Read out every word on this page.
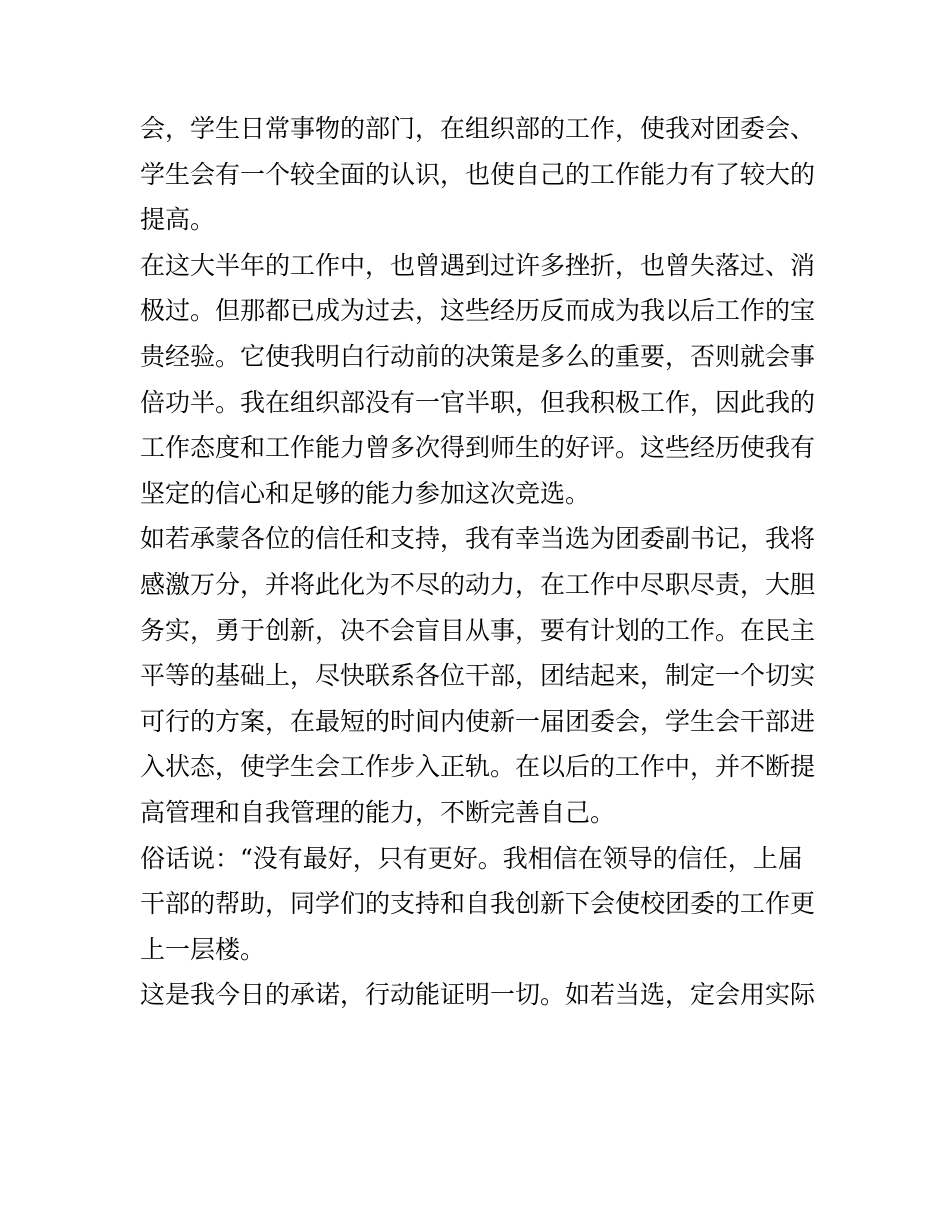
会，学生日常事物的部门，在组织部的工作，使我对团委会、
学生会有一个较全面的认识，也使自己的工作能力有了较大的
提高。
在这大半年的工作中，也曾遇到过许多挫折，也曾失落过、消
极过。但那都已成为过去，这些经历反而成为我以后工作的宝
贵经验。它使我明白行动前的决策是多么的重要，否则就会事
倍功半。我在组织部没有一官半职，但我积极工作，因此我的
工作态度和工作能力曾多次得到师生的好评。这些经历使我有
坚定的信心和足够的能力参加这次竞选。
如若承蒙各位的信任和支持，我有幸当选为团委副书记，我将
感激万分，并将此化为不尽的动力，在工作中尽职尽责，大胆
务实，勇于创新，决不会盲目从事，要有计划的工作。在民主
平等的基础上，尽快联系各位干部，团结起来，制定一个切实
可行的方案，在最短的时间内使新一届团委会，学生会干部进
入状态，使学生会工作步入正轨。在以后的工作中，并不断提
高管理和自我管理的能力，不断完善自己。
俗话说：“没有最好，只有更好。我相信在领导的信任，上届
干部的帮助，同学们的支持和自我创新下会使校团委的工作更
上一层楼。
这是我今日的承诺，行动能证明一切。如若当选，定会用实际
